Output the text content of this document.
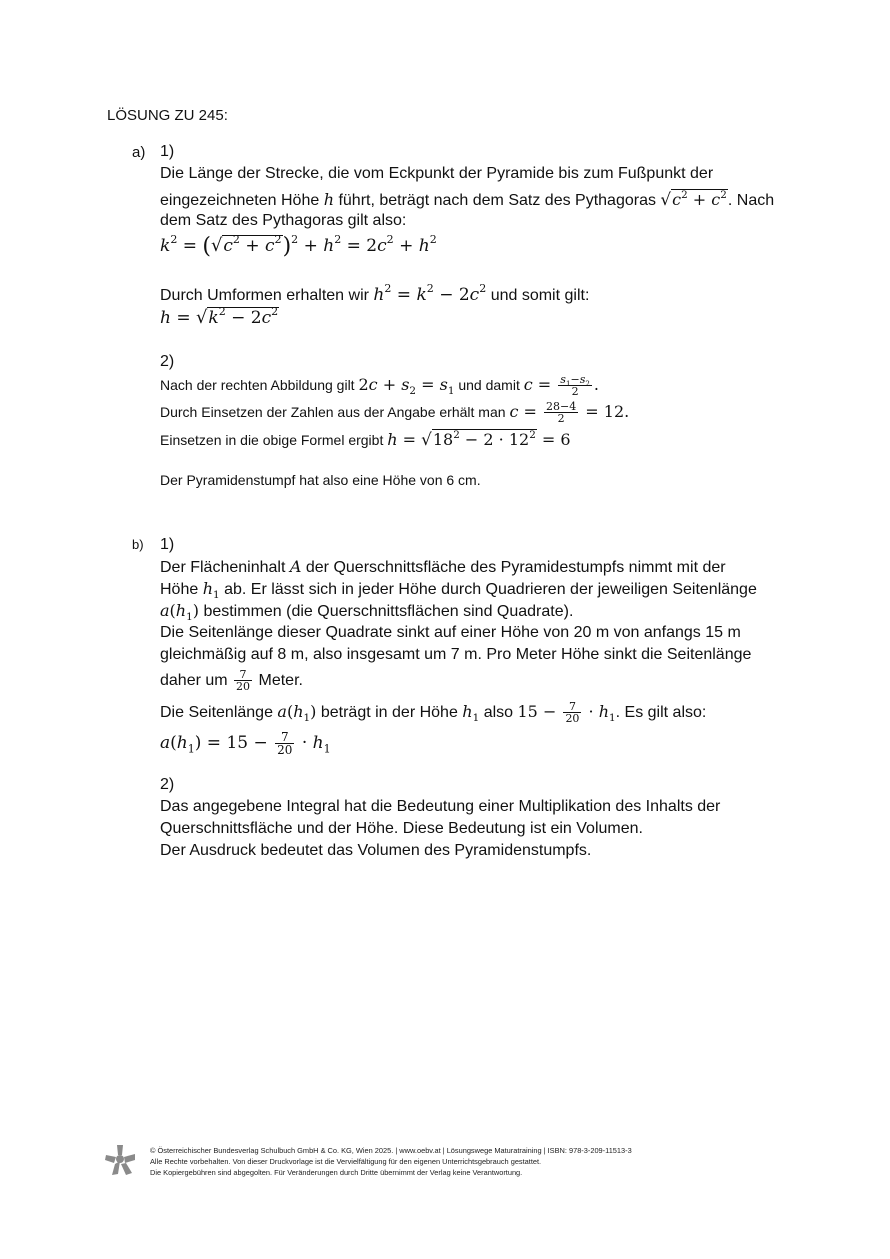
LÖSUNG ZU 245:
a) 1)
Die Länge der Strecke, die vom Eckpunkt der Pyramide bis zum Fußpunkt der
eingezeichneten Höhe h führt, beträgt nach dem Satz des Pythagoras $√c^2 + c^2$. Nach
dem Satz des Pythagoras gilt also:
$k^2 = (√c^2 + c^2)^2 + h^2 = 2c^2 + h^2$
Durch Umformen erhalten wir $h^2 = k^2 - 2c^2$ und somit gilt:
$h = √k^2 - 2c^2$
2)
Nach der rechten Abbildung gilt $2c + s_2 = s_1$ und damit $c = \frac{s_1-s_2}{2}$ .
Durch Einsetzen der Zahlen aus der Angabe erhält man $c = \frac{28-4}{2} = 12$.
Einsetzen in die obige Formel ergibt $h = √18^2 - 2 \cdot 12^2 = 6$
Der Pyramidenstumpf hat also eine Höhe von 6 cm.
b) 1)
Der Flächeninhalt A der Querschnittsfläche des Pyramidestumpfs nimmt mit der
Höhe $h_1$ ab. Er lässt sich in jeder Höhe durch Quadrieren der jeweiligen Seitenlänge
$a(h_1)$ bestimmen (die Querschnittsflächen sind Quadrate).
Die Seitenlänge dieser Quadrate sinkt auf einer Höhe von 20 m von anfangs 15 m
gleichmäßig auf 8 m, also insgesamt um 7 m. Pro Meter Höhe sinkt die Seitenlänge
daher um $\frac{7}{20}$ Meter.
Die Seitenlänge $a(h_1)$ beträgt in der Höhe $h_1$ also $15 - \frac{7}{20} \cdot h_1$. Es gilt also:
$a(h_1) = 15 - \frac{7}{20} \cdot h_1$
2)
Das angegebene Integral hat die Bedeutung einer Multiplikation des Inhalts der
Querschnittsfläche und der Höhe. Diese Bedeutung ist ein Volumen.
Der Ausdruck bedeutet das Volumen des Pyramidenstumpfs.
© Österreichischer Bundesverlag Schulbuch GmbH & Co. KG, Wien 2025. | www.oebv.at | Lösungswege Maturatraining | ISBN: 978-3-209-11513-3
Alle Rechte vorbehalten. Von dieser Druckvorlage ist die Vervielfältigung für den eigenen Unterrichtsgebrauch gestattet.
Die Kopiergebühren sind abgegolten. Für Veränderungen durch Dritte übernimmt der Verlag keine Verantwortung.
